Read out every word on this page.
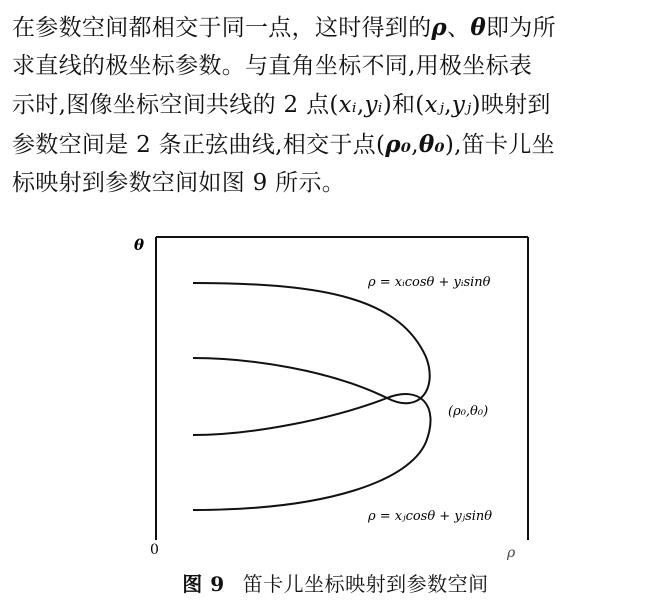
在参数空间都相交于同一点，这时得到的ρ、θ即为所
求直线的极坐标参数。与直角坐标不同,用极坐标表
示时,图像坐标空间共线的 2 点(xᵢ,yᵢ)和(xⱼ,yⱼ)映射到
参数空间是 2 条正弦曲线,相交于点(ρ₀,θ₀),笛卡儿坐
标映射到参数空间如图 9 所示。
θ
0	ρ
ρ = xᵢcosθ + yᵢsinθ
(ρ₀,θ₀)
ρ = xⱼcosθ + yⱼsinθ
图 9 笛卡儿坐标映射到参数空间
